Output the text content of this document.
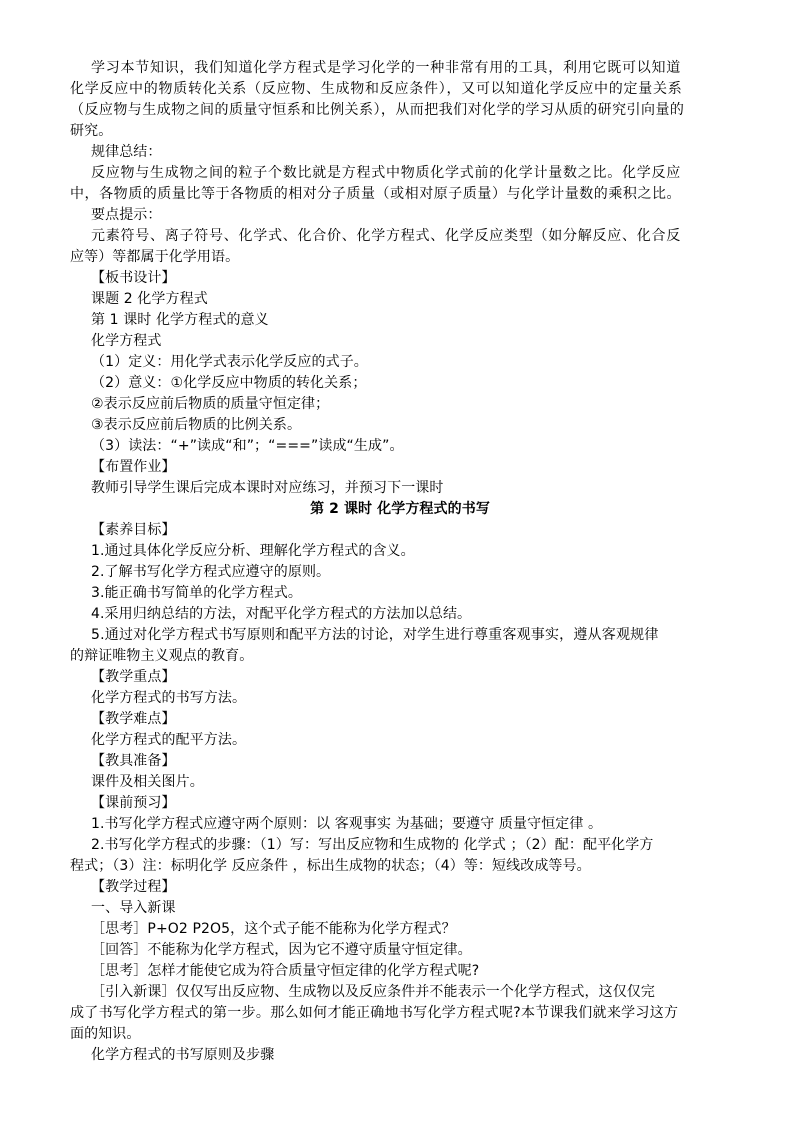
学习本节知识，我们知道化学方程式是学习化学的一种非常有用的工具，利用它既可以知道
化学反应中的物质转化关系（反应物、生成物和反应条件），又可以知道化学反应中的定量关系
（反应物与生成物之间的质量守恒系和比例关系），从而把我们对化学的学习从质的研究引向量的
研究。
规律总结：
反应物与生成物之间的粒子个数比就是方程式中物质化学式前的化学计量数之比。化学反应
中，各物质的质量比等于各物质的相对分子质量（或相对原子质量）与化学计量数的乘积之比。
要点提示：
元素符号、离子符号、化学式、化合价、化学方程式、化学反应类型（如分解反应、化合反
应等）等都属于化学用语。
【板书设计】
课题 2 化学方程式
第 1 课时 化学方程式的意义
化学方程式
（1）定义：用化学式表示化学反应的式子。
（2）意义：①化学反应中物质的转化关系；
②表示反应前后物质的质量守恒定律；
③表示反应前后物质的比例关系。
（3）读法：“+”读成“和”；“===”读成“生成”。
【布置作业】
教师引导学生课后完成本课时对应练习，并预习下一课时
第 2 课时 化学方程式的书写
【素养目标】
1.通过具体化学反应分析、理解化学方程式的含义。
2.了解书写化学方程式应遵守的原则。
3.能正确书写简单的化学方程式。
4.采用归纳总结的方法，对配平化学方程式的方法加以总结。
5.通过对化学方程式书写原则和配平方法的讨论，对学生进行尊重客观事实，遵从客观规律
的辩证唯物主义观点的教育。
【教学重点】
化学方程式的书写方法。
【教学难点】
化学方程式的配平方法。
【教具准备】
课件及相关图片。
【课前预习】
1.书写化学方程式应遵守两个原则：以 客观事实 为基础；要遵守 质量守恒定律 。
2.书写化学方程式的步骤：（1）写：写出反应物和生成物的 化学式 ；（2）配：配平化学方
程式；（3）注：标明化学 反应条件 ，标出生成物的状态；（4）等：短线改成等号。
【教学过程】
一、导入新课
［思考］P+O2 P2O5，这个式子能不能称为化学方程式？
［回答］不能称为化学方程式，因为它不遵守质量守恒定律。
［思考］怎样才能使它成为符合质量守恒定律的化学方程式呢?
［引入新课］仅仅写出反应物、生成物以及反应条件并不能表示一个化学方程式，这仅仅完
成了书写化学方程式的第一步。那么如何才能正确地书写化学方程式呢?本节课我们就来学习这方
面的知识。
化学方程式的书写原则及步骤
